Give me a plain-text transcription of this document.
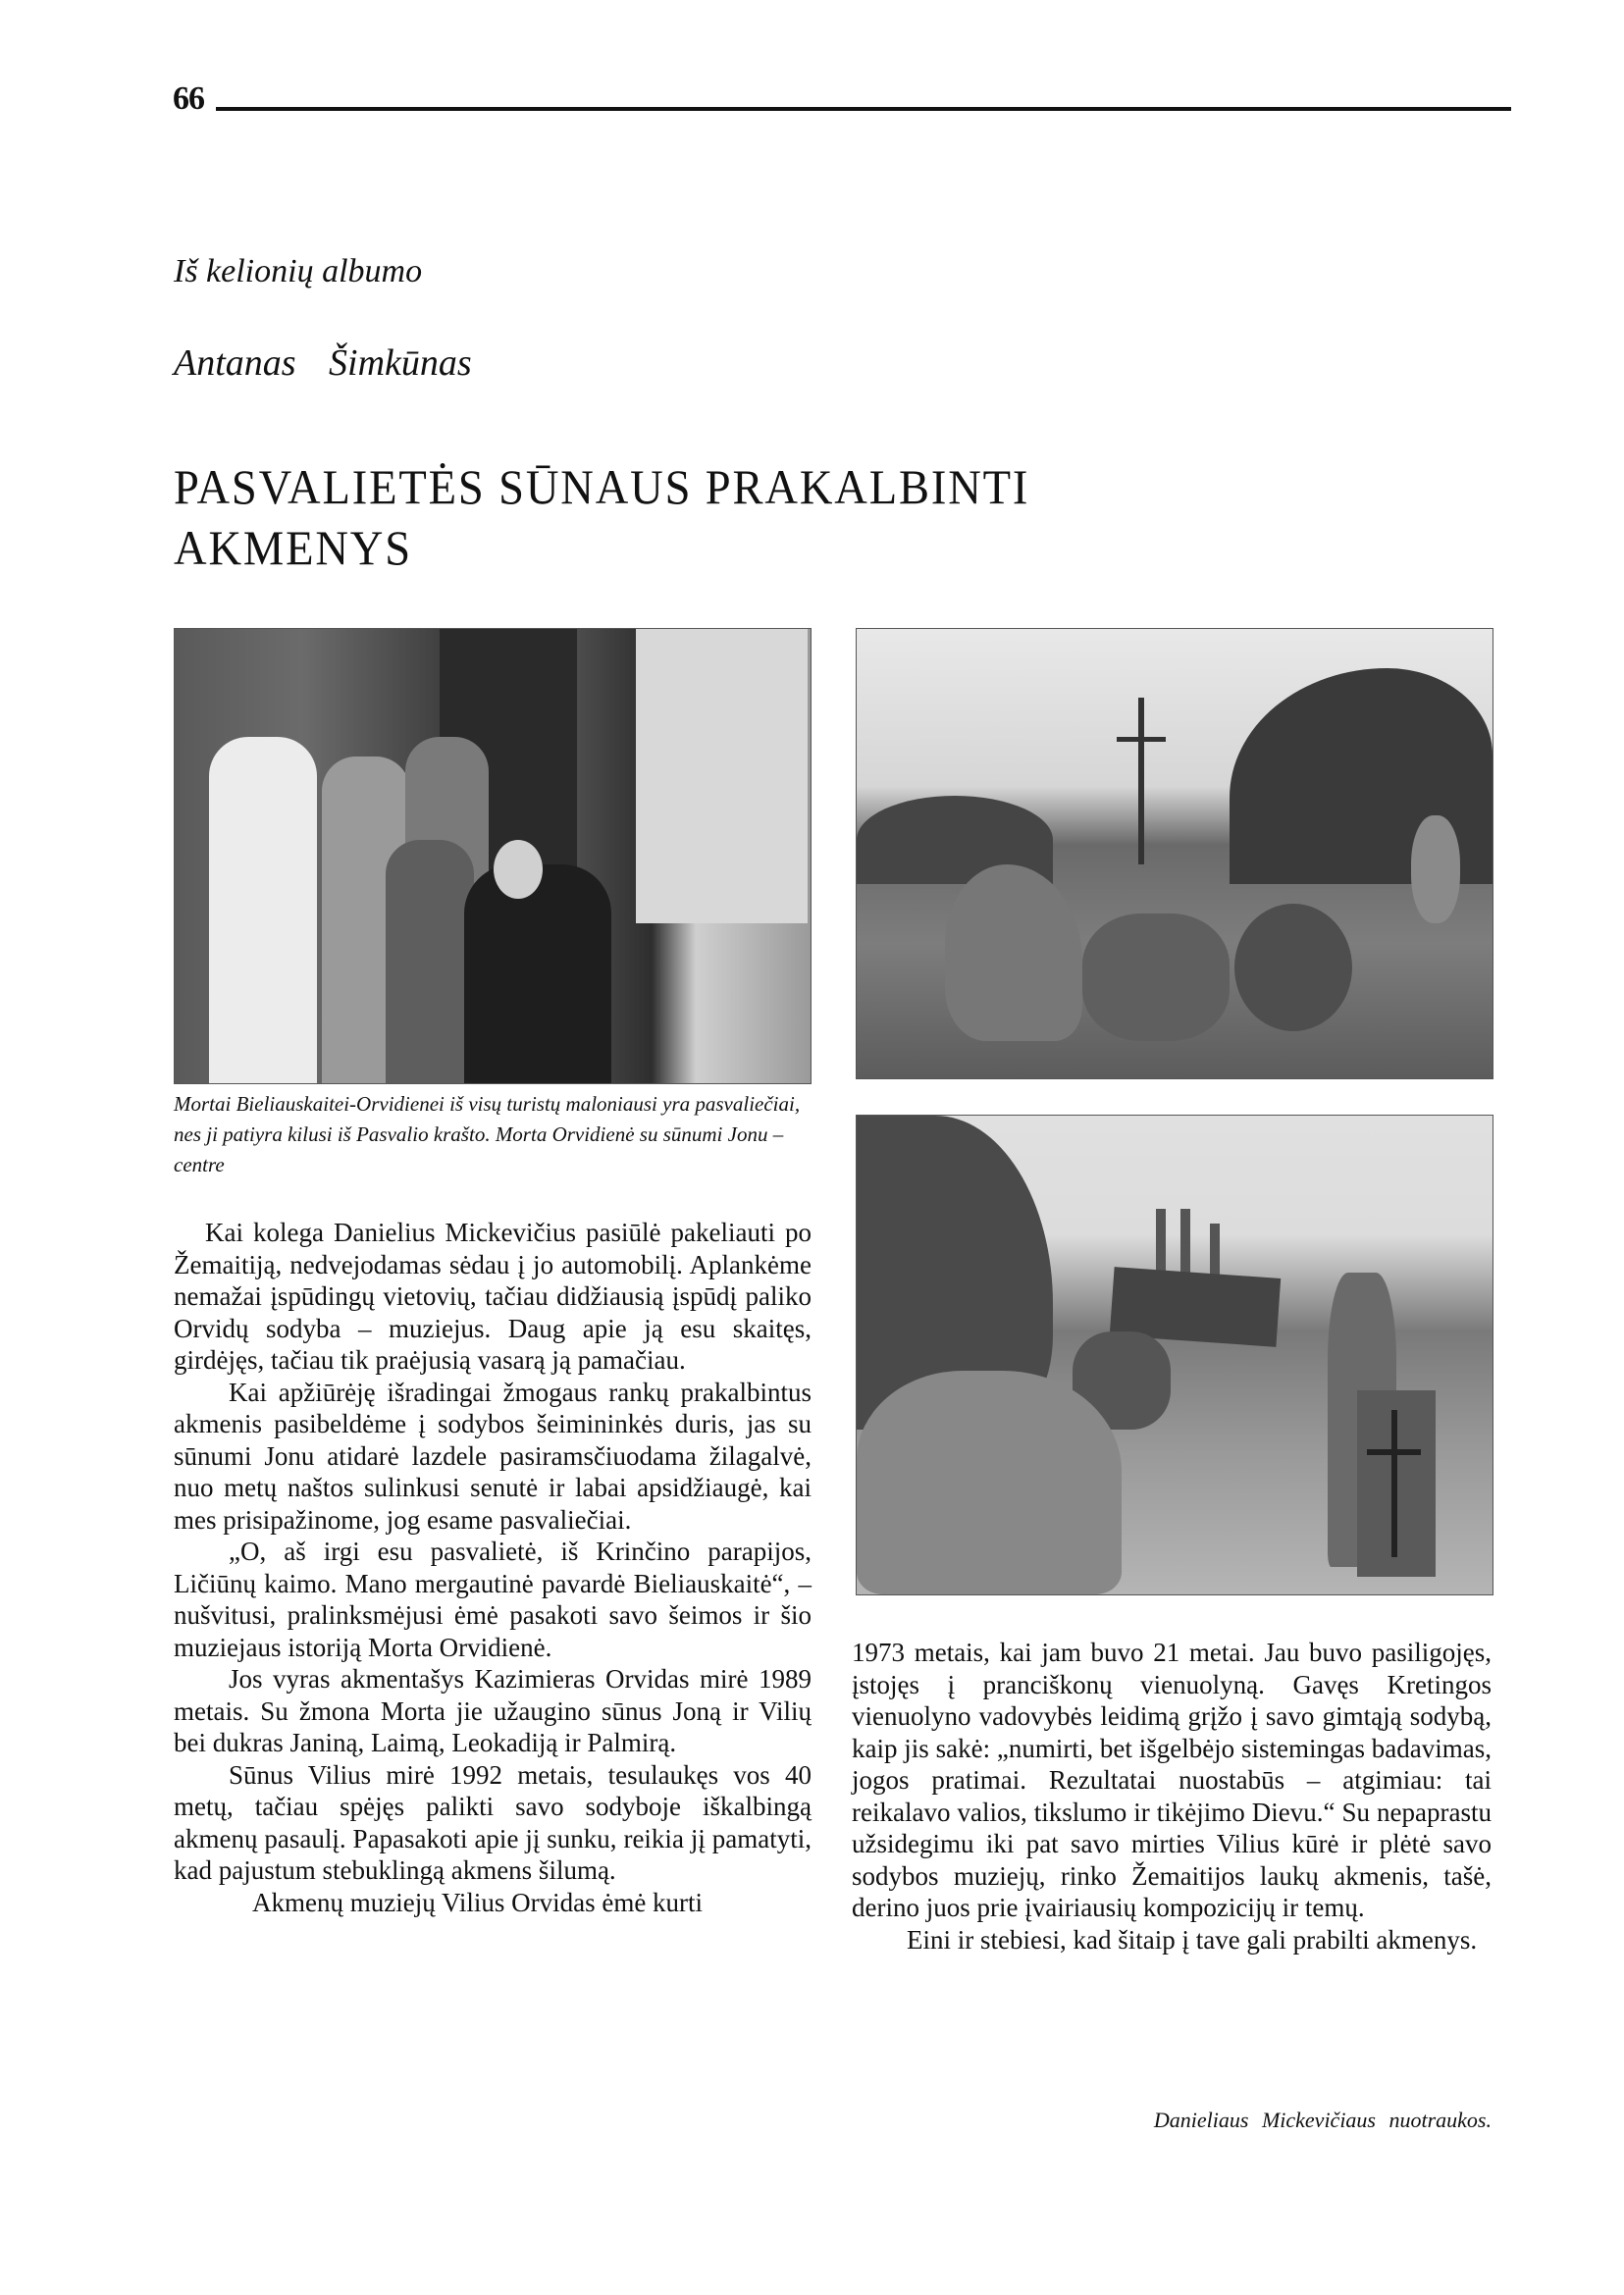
66
Iš kelionių albumo
Antanas Šimkūnas
PASVALIETĖS SŪNAUS PRAKALBINTI AKMENYS
Mortai Bieliauskaitei-Orvidienei iš visų turistų maloniausi yra pasvaliečiai, nes ji patiyra kilusi iš Pasvalio krašto. Morta Orvidienė su sūnumi Jonu – centre

Kai kolega Danielius Mickevičius pasiūlė pakeliauti po Žemaitiją, nedvejodamas sėdau į jo automobilį. Aplankėme nemažai įspūdingų vietovių, tačiau didžiausią įspūdį paliko Orvidų sodyba – muziejus. Daug apie ją esu skaitęs, girdėjęs, tačiau tik praėjusią vasarą ją pamačiau.

Kai apžiūrėję išradingai žmogaus rankų prakalbintus akmenis pasibeldėme į sodybos šeimininkės duris, jas su sūnumi Jonu atidarė lazdele pasiramsčiuodama žilagalvė, nuo metų naštos sulinkusi senutė ir labai apsidžiaugė, kai mes prisipažinome, jog esame pasvaliečiai.

„O, aš irgi esu pasvalietė, iš Krinčino parapijos, Ličiūnų kaimo. Mano mergautinė pavardė Bieliauskaitė“, – nušvitusi, pralinksmėjusi ėmė pasakoti savo šeimos ir šio muziejaus istoriją Morta Orvidienė.

Jos vyras akmentašys Kazimieras Orvidas mirė 1989 metais. Su žmona Morta jie užaugino sūnus Joną ir Vilių bei dukras Janiną, Laimą, Leokadiją ir Palmirą.

Sūnus Vilius mirė 1992 metais, tesulaukęs vos 40 metų, tačiau spėjęs palikti savo sodyboje iškalbingą akmenų pasaulį. Papasakoti apie jį sunku, reikia jį pamatyti, kad pajustum stebuklingą akmens šilumą.

Akmenų muziejų Vilius Orvidas ėmė kurti

1973 metais, kai jam buvo 21 metai. Jau buvo pasiligojęs, įstojęs į pranciškonų vienuolyną. Gavęs Kretingos vienuolyno vadovybės leidimą grįžo į savo gimtąją sodybą, kaip jis sakė: „numirti, bet išgelbėjo sistemingas badavimas, jogos pratimai. Rezultatai nuostabūs – atgimiau: tai reikalavo valios, tikslumo ir tikėjimo Dievu.“ Su nepaprastu užsidegimu iki pat savo mirties Vilius kūrė ir plėtė savo sodybos muziejų, rinko Žemaitijos laukų akmenis, tašė, derino juos prie įvairiausių kompozicijų ir temų.

Eini ir stebiesi, kad šitaip į tave gali prabilti akmenys.

Danieliaus Mickevičiaus nuotraukos.
